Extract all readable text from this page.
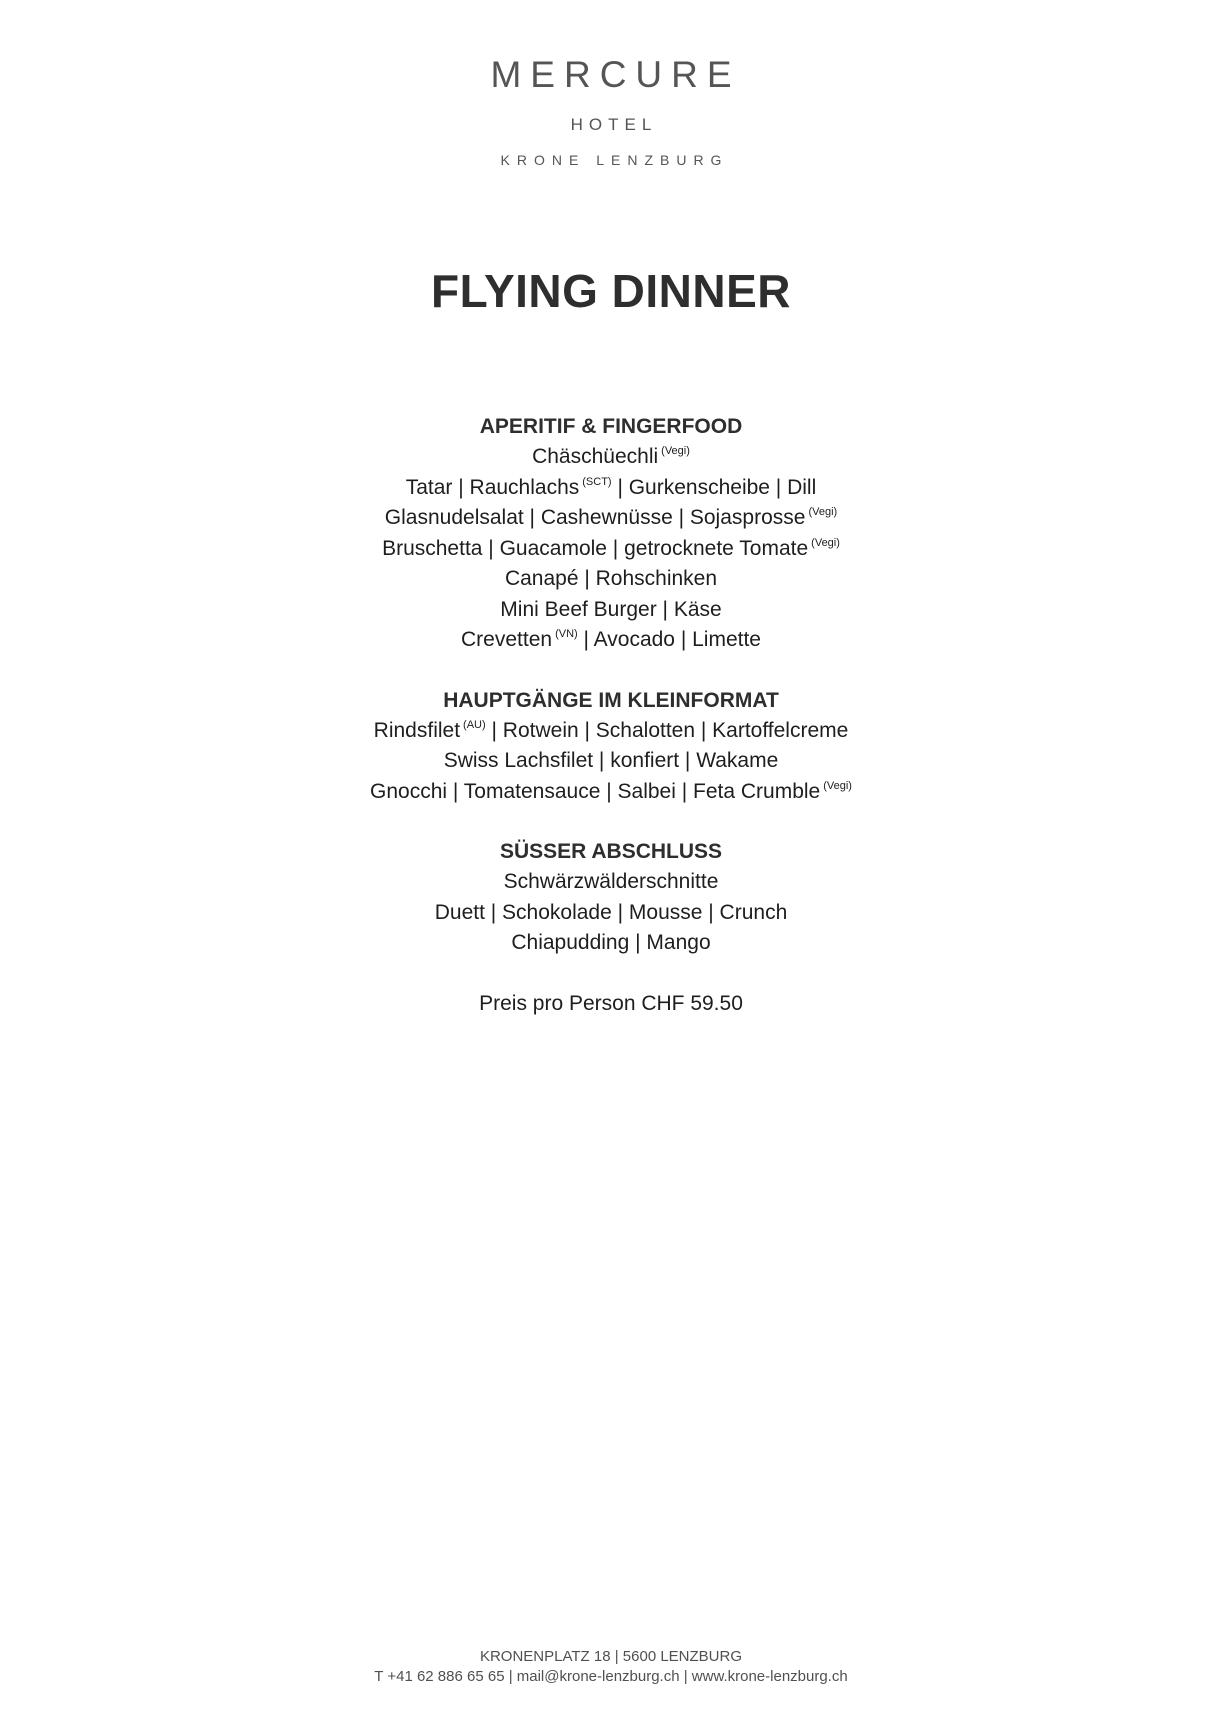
MERCURE
HOTEL
KRONE LENZBURG
FLYING DINNER
APERITIF & FINGERFOOD
Chäschüechli $^{(Vegi)}$
Tatar | Rauchlachs $^{(SCT)}$ | Gurkenscheibe | Dill
Glasnudelsalat | Cashewnüsse | Sojasprosse $^{(Vegi)}$
Bruschetta | Guacamole | getrocknete Tomate $^{(Vegi)}$
Canapé | Rohschinken
Mini Beef Burger | Käse
Crevetten $^{(VN)}$ | Avocado | Limette
HAUPTGÄNGE IM KLEINFORMAT
Rindsfilet $^{(AU)}$ | Rotwein | Schalotten | Kartoffelcreme
Swiss Lachsfilet | konfiert | Wakame
Gnocchi | Tomatensauce | Salbei | Feta Crumble $^{(Vegi)}$
SÜSSER ABSCHLUSS
Schwärzwälderschnitte
Duett | Schokolade | Mousse | Crunch
Chiapudding | Mango
Preis pro Person CHF 59.50
KRONENPLATZ 18 | 5600 LENZBURG
T +41 62 886 65 65 | mail@krone-lenzburg.ch | www.krone-lenzburg.ch
